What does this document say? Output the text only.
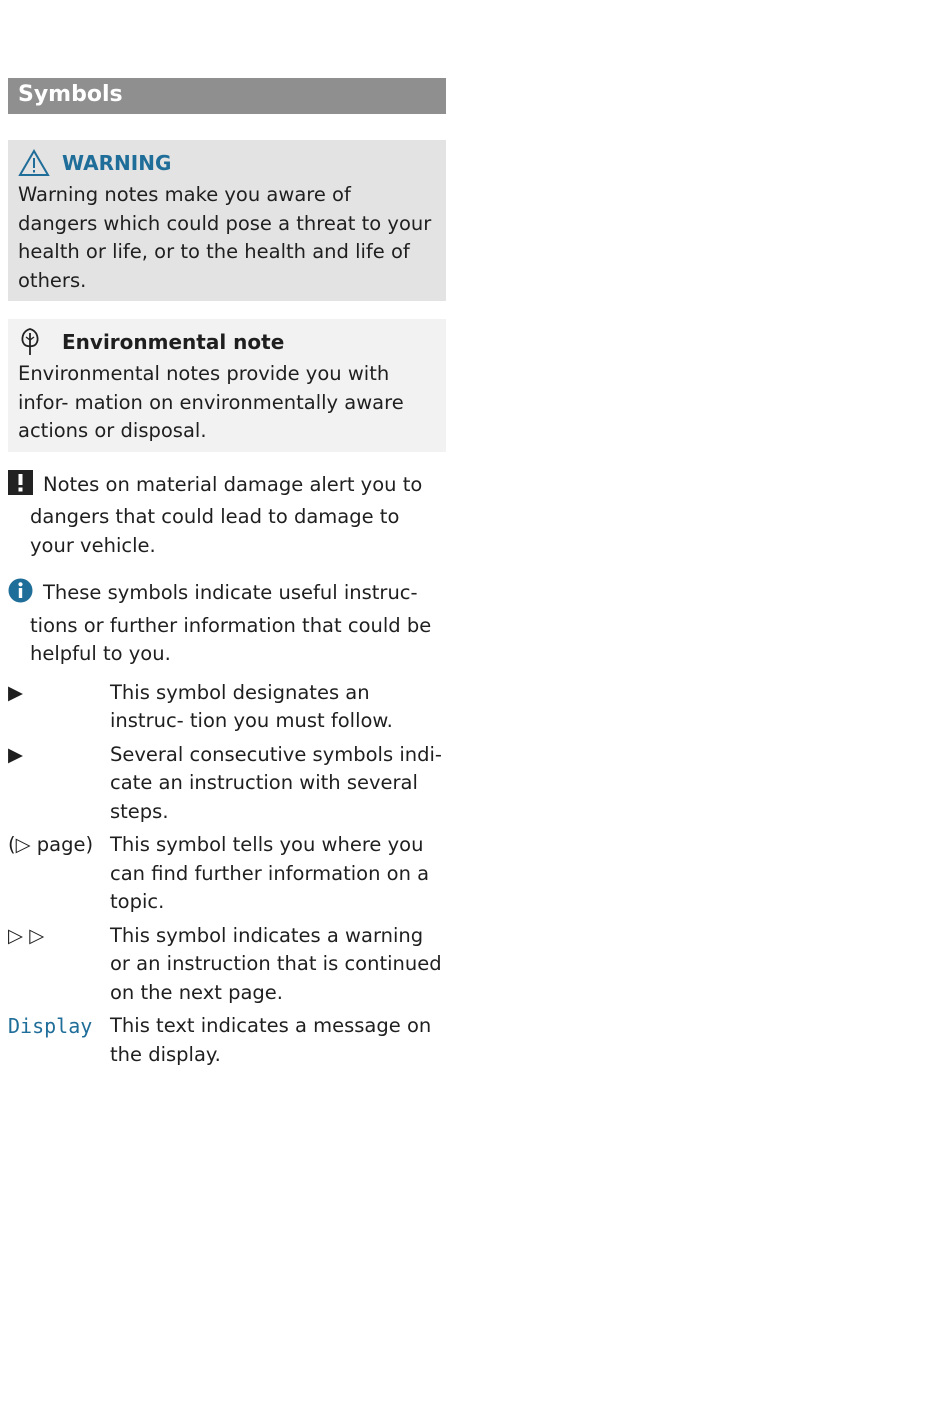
Symbols
WARNING
Warning notes make you aware of dangers which could pose a threat to your health or life, or to the health and life of others.
Environmental note
Environmental notes provide you with infor- mation on environmentally aware actions or disposal.
Notes on material damage alert you to dangers that could lead to damage to your vehicle.
These symbols indicate useful instruc- tions or further information that could be helpful to you.
▶	This symbol designates an instruc- tion you must follow.
▶	Several consecutive symbols indi- cate an instruction with several steps.
(▷ page) This symbol tells you where you can find further information on a topic.
▷ ▷	This symbol indicates a warning or an instruction that is continued on the next page.
Display This text indicates a message on the display.
